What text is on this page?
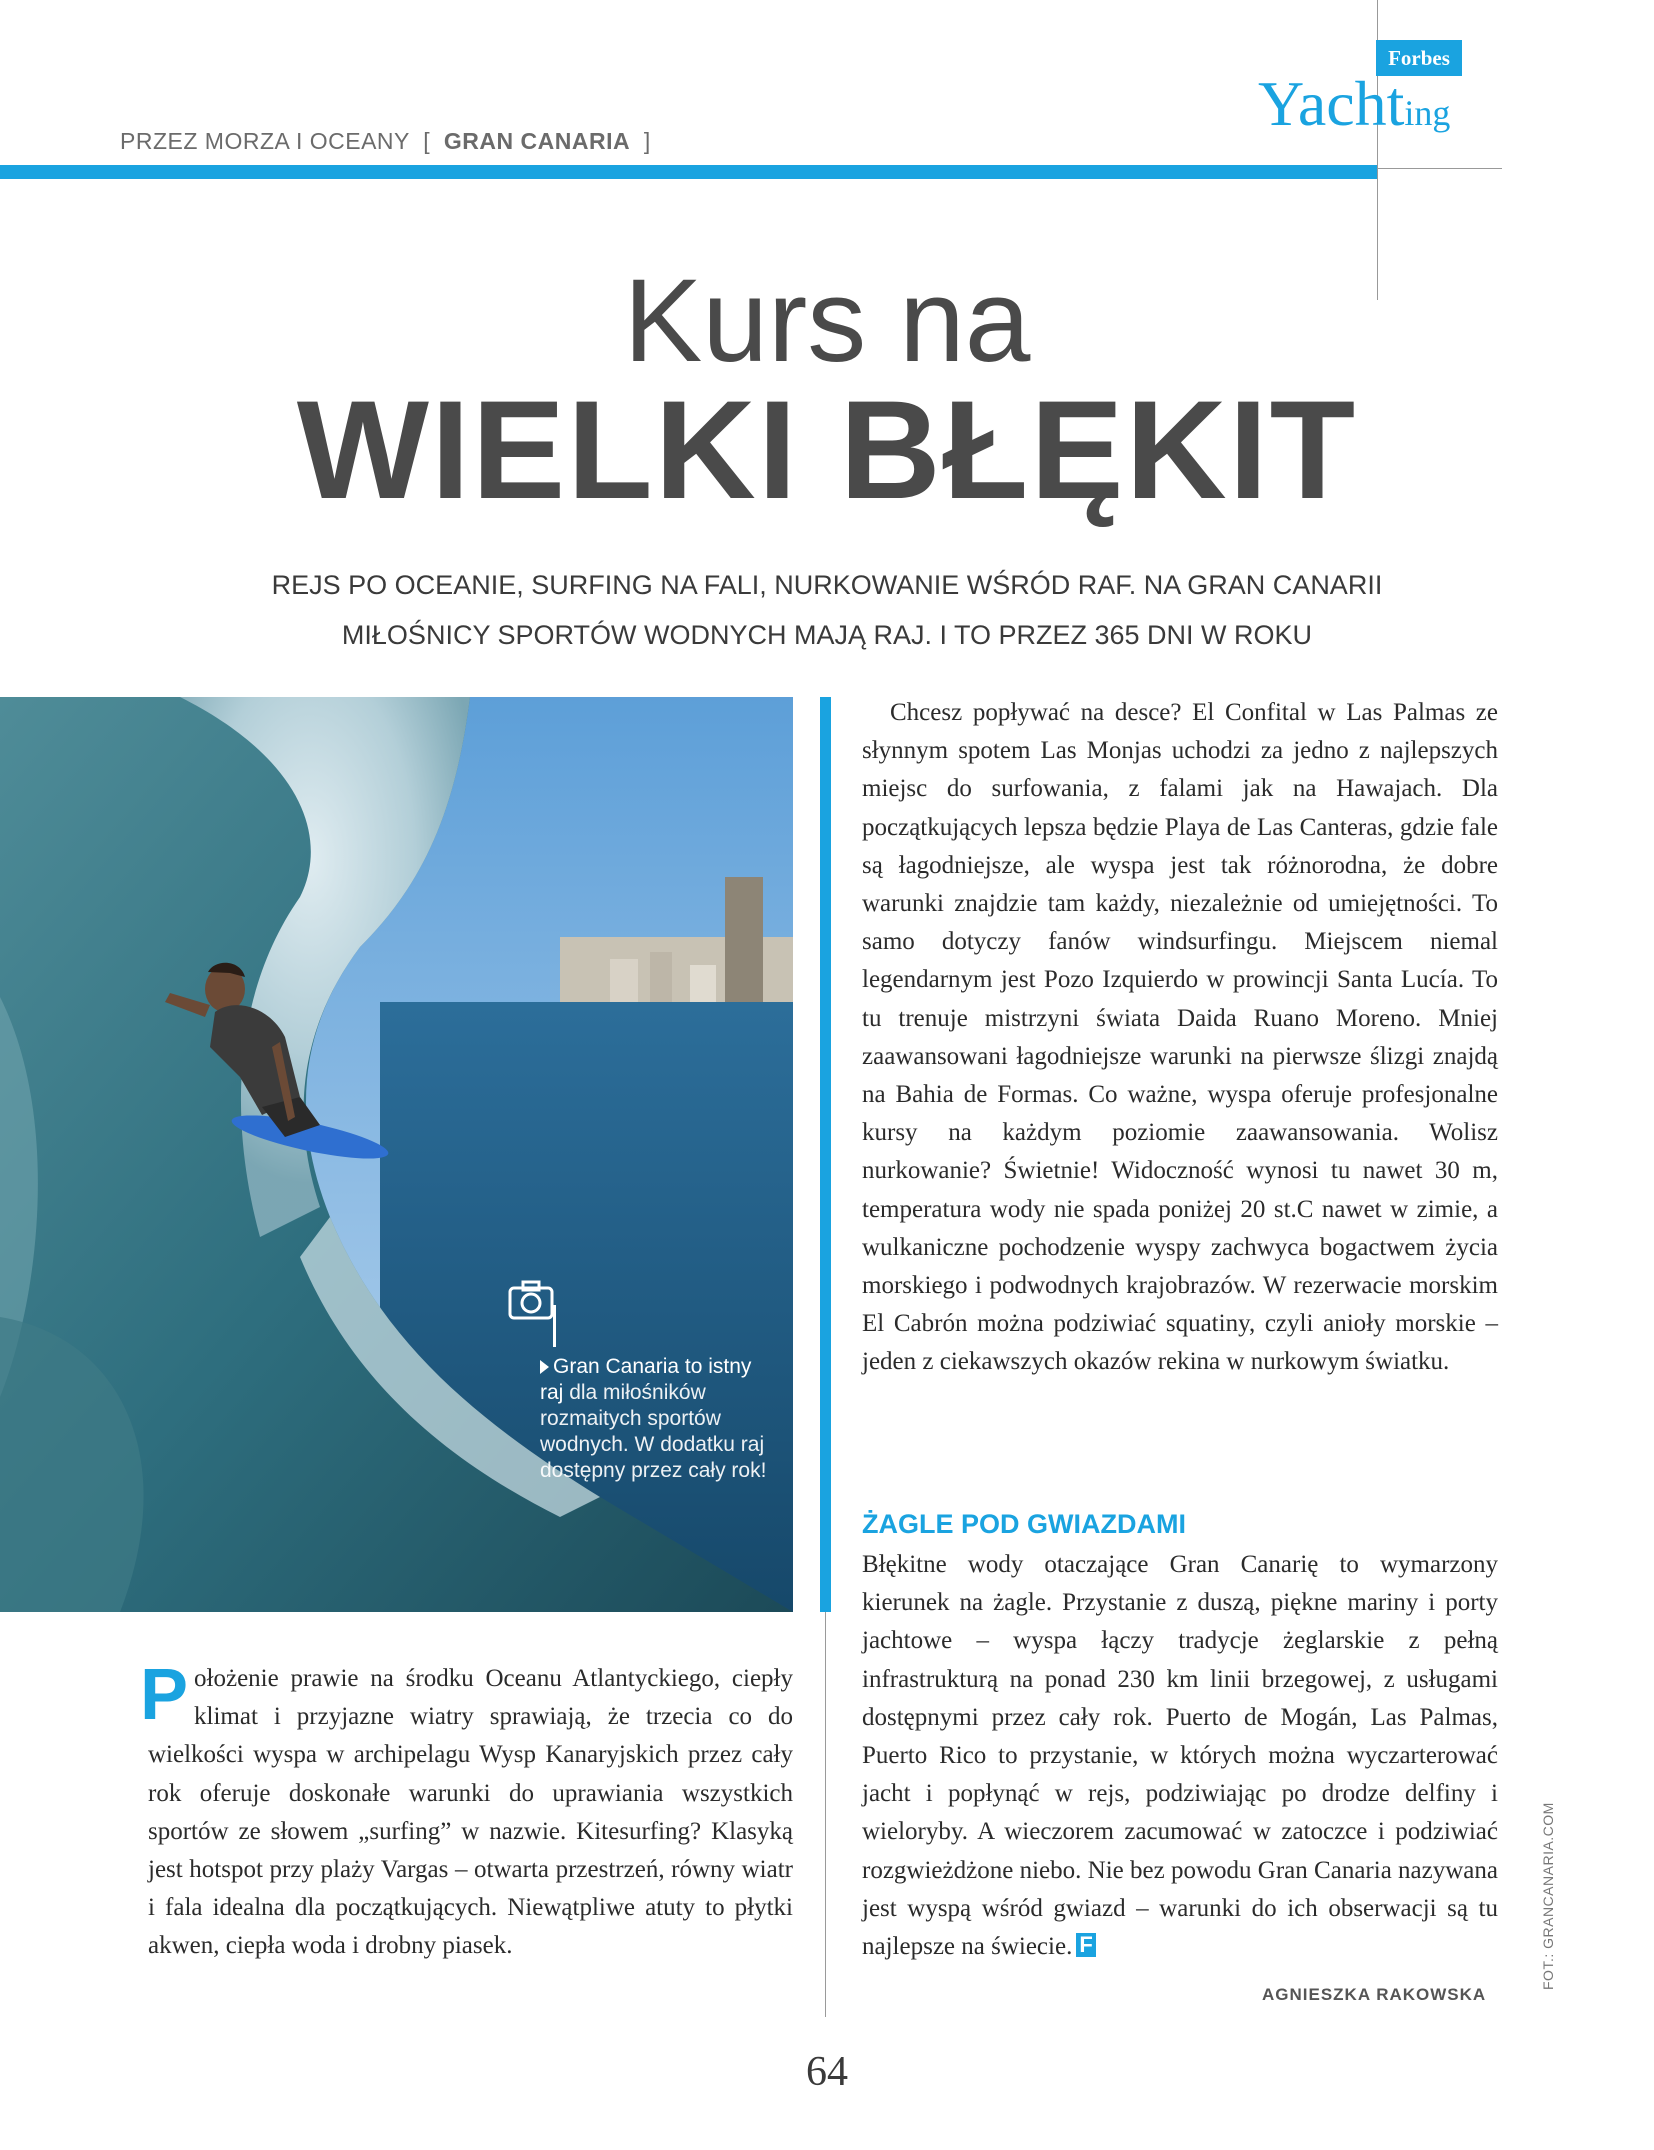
PRZEZ MORZA I OCEANY [ GRAN CANARIA ]
Forbes
Yachting
Kurs na
WIELKI BŁĘKIT
REJS PO OCEANIE, SURFING NA FALI, NURKOWANIE WŚRÓD RAF. NA GRAN CANARII
MIŁOŚNICY SPORTÓW WODNYCH MAJĄ RAJ. I TO PRZEZ 365 DNI W ROKU
Gran Canaria to istny raj dla miłośników rozmaitych sportów wodnych. W dodatku raj dostępny przez cały rok!

Chcesz popływać na desce? El Confital w Las Palmas ze słynnym spotem Las Monjas uchodzi za jedno z najlepszych miejsc do surfowania, z falami jak na Hawajach. Dla początkujących lepsza będzie Playa de Las Canteras, gdzie fale są łagodniejsze, ale wyspa jest tak różnorodna, że dobre warunki znajdzie tam każdy, niezależnie od umiejętności. To samo dotyczy fanów windsurfingu. Miejscem niemal legendarnym jest Pozo Izquierdo w prowincji Santa Lucía. To tu trenuje mistrzyni świata Daida Ruano Moreno. Mniej zaawansowani łagodniejsze warunki na pierwsze ślizgi znajdą na Bahia de Formas. Co ważne, wyspa oferuje profesjonalne kursy na każdym poziomie zaawansowania. Wolisz nurkowanie? Świetnie! Widoczność wynosi tu nawet 30 m, temperatura wody nie spada poniżej 20 st.C nawet w zimie, a wulkaniczne pochodzenie wyspy zachwyca bogactwem życia morskiego i podwodnych krajobrazów. W rezerwacie morskim El Cabrón można podziwiać squatiny, czyli anioły morskie – jeden z ciekawszych okazów rekina w nurkowym światku.

ŻAGLE POD GWIAZDAMI

Błękitne wody otaczające Gran Canarię to wymarzony kierunek na żagle. Przystanie z duszą, piękne mariny i porty jachtowe – wyspa łączy tradycje żeglarskie z pełną infrastrukturą na ponad 230 km linii brzegowej, z usługami dostępnymi przez cały rok. Puerto de Mogán, Las Palmas, Puerto Rico to przystanie, w których można wyczarterować jacht i popłynąć w rejs, podziwiając po drodze delfiny i wieloryby. A wieczorem zacumować w zatoczce i podziwiać rozgwieżdżone niebo. Nie bez powodu Gran Canaria nazywana jest wyspą wśród gwiazd – warunki do ich obserwacji są tu najlepsze na świecie. F

AGNIESZKA RAKOWSKA

Położenie prawie na środku Oceanu Atlantyckiego, ciepły klimat i przyjazne wiatry sprawiają, że trzecia co do wielkości wyspa w archipelagu Wysp Kanaryjskich przez cały rok oferuje doskonałe warunki do uprawiania wszystkich sportów ze słowem „surfing” w nazwie. Kitesurfing? Klasyką jest hotspot przy plaży Vargas – otwarta przestrzeń, równy wiatr i fala idealna dla początkujących. Niewątpliwe atuty to płytki akwen, ciepła woda i drobny piasek.	FOT.: GRANCANARIA.COM
64
